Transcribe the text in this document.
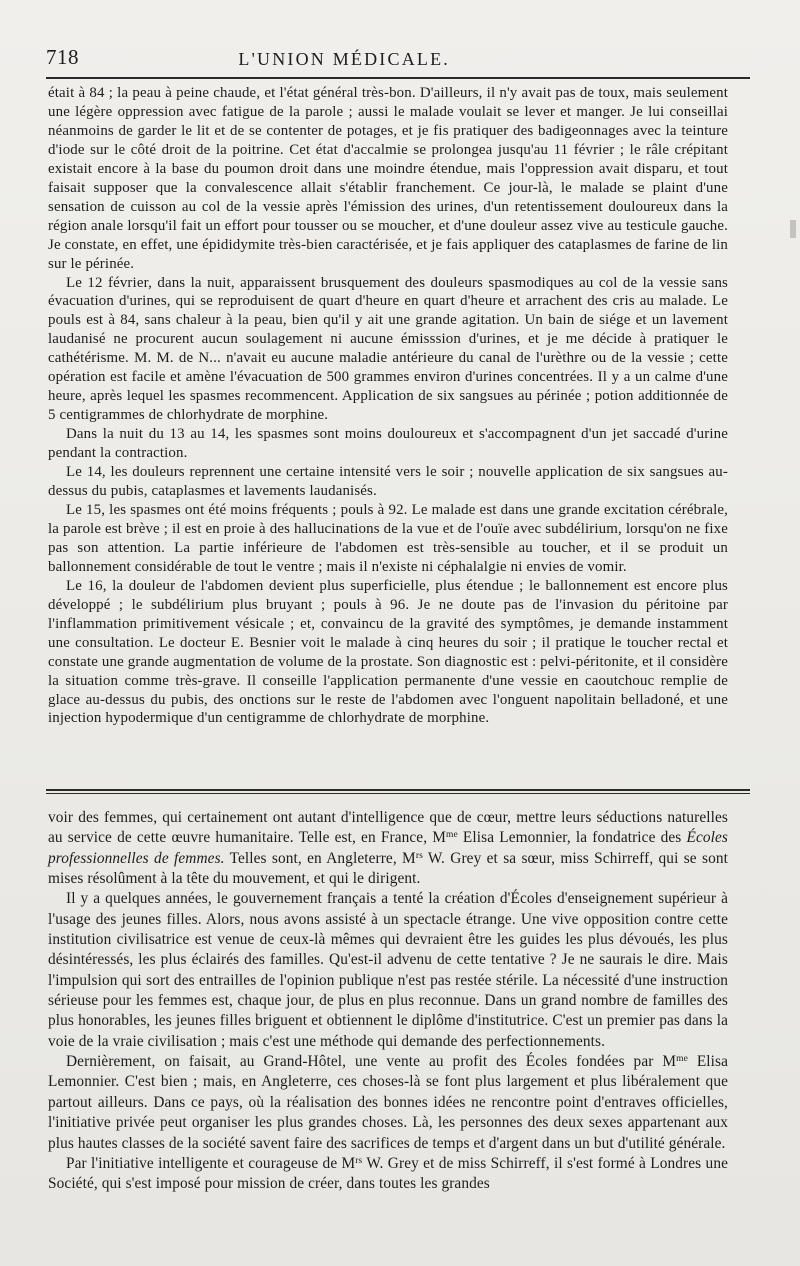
718	L'UNION MÉDICALE.

était à 84 ; la peau à peine chaude, et l'état général très-bon. D'ailleurs, il n'y avait pas de toux, mais seulement une légère oppression avec fatigue de la parole ; aussi le malade voulait se lever et manger. Je lui conseillai néanmoins de garder le lit et de se contenter de potages, et je fis pratiquer des badigeonnages avec la teinture d'iode sur le côté droit de la poitrine. Cet état d'accalmie se prolongea jusqu'au 11 février ; le râle crépitant existait encore à la base du poumon droit dans une moindre étendue, mais l'oppression avait disparu, et tout faisait supposer que la convalescence allait s'établir franchement. Ce jour-là, le malade se plaint d'une sensation de cuisson au col de la vessie après l'émission des urines, d'un retentissement douloureux dans la région anale lorsqu'il fait un effort pour tousser ou se moucher, et d'une douleur assez vive au testicule gauche. Je constate, en effet, une épididymite très-bien caractérisée, et je fais appliquer des cataplasmes de farine de lin sur le périnée.

Le 12 février, dans la nuit, apparaissent brusquement des douleurs spasmodiques au col de la vessie sans évacuation d'urines, qui se reproduisent de quart d'heure en quart d'heure et arrachent des cris au malade. Le pouls est à 84, sans chaleur à la peau, bien qu'il y ait une grande agitation. Un bain de siége et un lavement laudanisé ne procurent aucun soulagement ni aucune émisssion d'urines, et je me décide à pratiquer le cathétérisme. M. M. de N... n'avait eu aucune maladie antérieure du canal de l'urèthre ou de la vessie ; cette opération est facile et amène l'évacuation de 500 grammes environ d'urines concentrées. Il y a un calme d'une heure, après lequel les spasmes recommencent. Application de six sangsues au périnée ; potion additionnée de 5 centigrammes de chlorhydrate de morphine.

Dans la nuit du 13 au 14, les spasmes sont moins douloureux et s'accompagnent d'un jet saccadé d'urine pendant la contraction.

Le 14, les douleurs reprennent une certaine intensité vers le soir ; nouvelle application de six sangsues au-dessus du pubis, cataplasmes et lavements laudanisés.

Le 15, les spasmes ont été moins fréquents ; pouls à 92. Le malade est dans une grande excitation cérébrale, la parole est brève ; il est en proie à des hallucinations de la vue et de l'ouïe avec subdélirium, lorsqu'on ne fixe pas son attention. La partie inférieure de l'abdomen est très-sensible au toucher, et il se produit un ballonnement considérable de tout le ventre ; mais il n'existe ni céphalalgie ni envies de vomir.

Le 16, la douleur de l'abdomen devient plus superficielle, plus étendue ; le ballonnement est encore plus développé ; le subdélirium plus bruyant ; pouls à 96. Je ne doute pas de l'invasion du péritoine par l'inflammation primitivement vésicale ; et, convaincu de la gravité des symptômes, je demande instamment une consultation. Le docteur E. Besnier voit le malade à cinq heures du soir ; il pratique le toucher rectal et constate une grande augmentation de volume de la prostate. Son diagnostic est : pelvi-péritonite, et il considère la situation comme très-grave. Il conseille l'application permanente d'une vessie en caoutchouc remplie de glace au-dessus du pubis, des onctions sur le reste de l'abdomen avec l'onguent napolitain belladoné, et une injection hypodermique d'un centigramme de chlorhydrate de morphine.

voir des femmes, qui certainement ont autant d'intelligence que de cœur, mettre leurs séductions naturelles au service de cette œuvre humanitaire. Telle est, en France, $M^{me}$ Elisa Lemonnier, la fondatrice des Écoles professionnelles de femmes. Telles sont, en Angleterre, $M^{rs}$ W. Grey et sa sœur, miss Schirreff, qui se sont mises résolûment à la tête du mouvement, et qui le dirigent.

Il y a quelques années, le gouvernement français a tenté la création d'Écoles d'enseignement supérieur à l'usage des jeunes filles. Alors, nous avons assisté à un spectacle étrange. Une vive opposition contre cette institution civilisatrice est venue de ceux-là mêmes qui devraient être les guides les plus dévoués, les plus désintéressés, les plus éclairés des familles. Qu'est-il advenu de cette tentative ? Je ne saurais le dire. Mais l'impulsion qui sort des entrailles de l'opinion publique n'est pas restée stérile. La nécessité d'une instruction sérieuse pour les femmes est, chaque jour, de plus en plus reconnue. Dans un grand nombre de familles des plus honorables, les jeunes filles briguent et obtiennent le diplôme d'institutrice. C'est un premier pas dans la voie de la vraie civilisation ; mais c'est une méthode qui demande des perfectionnements.

Dernièrement, on faisait, au Grand-Hôtel, une vente au profit des Écoles fondées par $M^{me}$ Elisa Lemonnier. C'est bien ; mais, en Angleterre, ces choses-là se font plus largement et plus libéralement que partout ailleurs. Dans ce pays, où la réalisation des bonnes idées ne rencontre point d'entraves officielles, l'initiative privée peut organiser les plus grandes choses. Là, les personnes des deux sexes appartenant aux plus hautes classes de la société savent faire des sacrifices de temps et d'argent dans un but d'utilité générale.

Par l'initiative intelligente et courageuse de $M^{rs}$ W. Grey et de miss Schirreff, il s'est formé à Londres une Société, qui s'est imposé pour mission de créer, dans toutes les grandes
